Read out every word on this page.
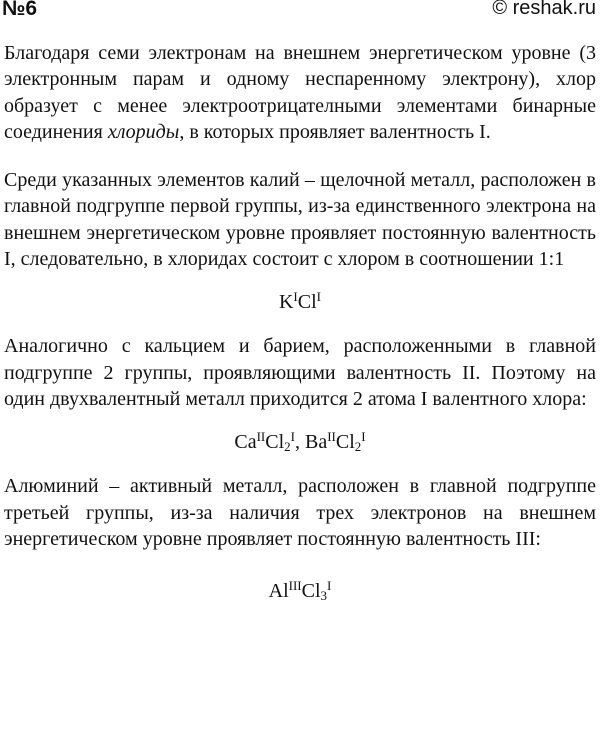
№6	© reshak.ru

Благодаря семи электронам на внешнем энергетическом уровне (3 электронным парам и одному неспаренному электрону), хлор образует с менее электроотрицателными элементами бинарные соединения хлориды, в которых проявляет валентность I.

Среди указанных элементов калий – щелочной металл, расположен в главной подгруппе первой группы, из-за единственного электрона на внешнем энергетическом уровне проявляет постоянную валентность I, следовательно, в хлоридах состоит с хлором в соотношении 1:1

$K^ICl^I$

Аналогично с кальцием и барием, расположенными в главной подгруппе 2 группы, проявляющими валентность II. Поэтому на один двухвалентный металл приходится 2 атома I валентного хлора:

$Ca^{II}Cl_2^I$, $Ba^{II}Cl_2^I$

Алюминий – активный металл, расположен в главной подгруппе третьей группы, из-за наличия трех электронов на внешнем энергетическом уровне проявляет постоянную валентность III:

$Al^{III}Cl_3^I$
